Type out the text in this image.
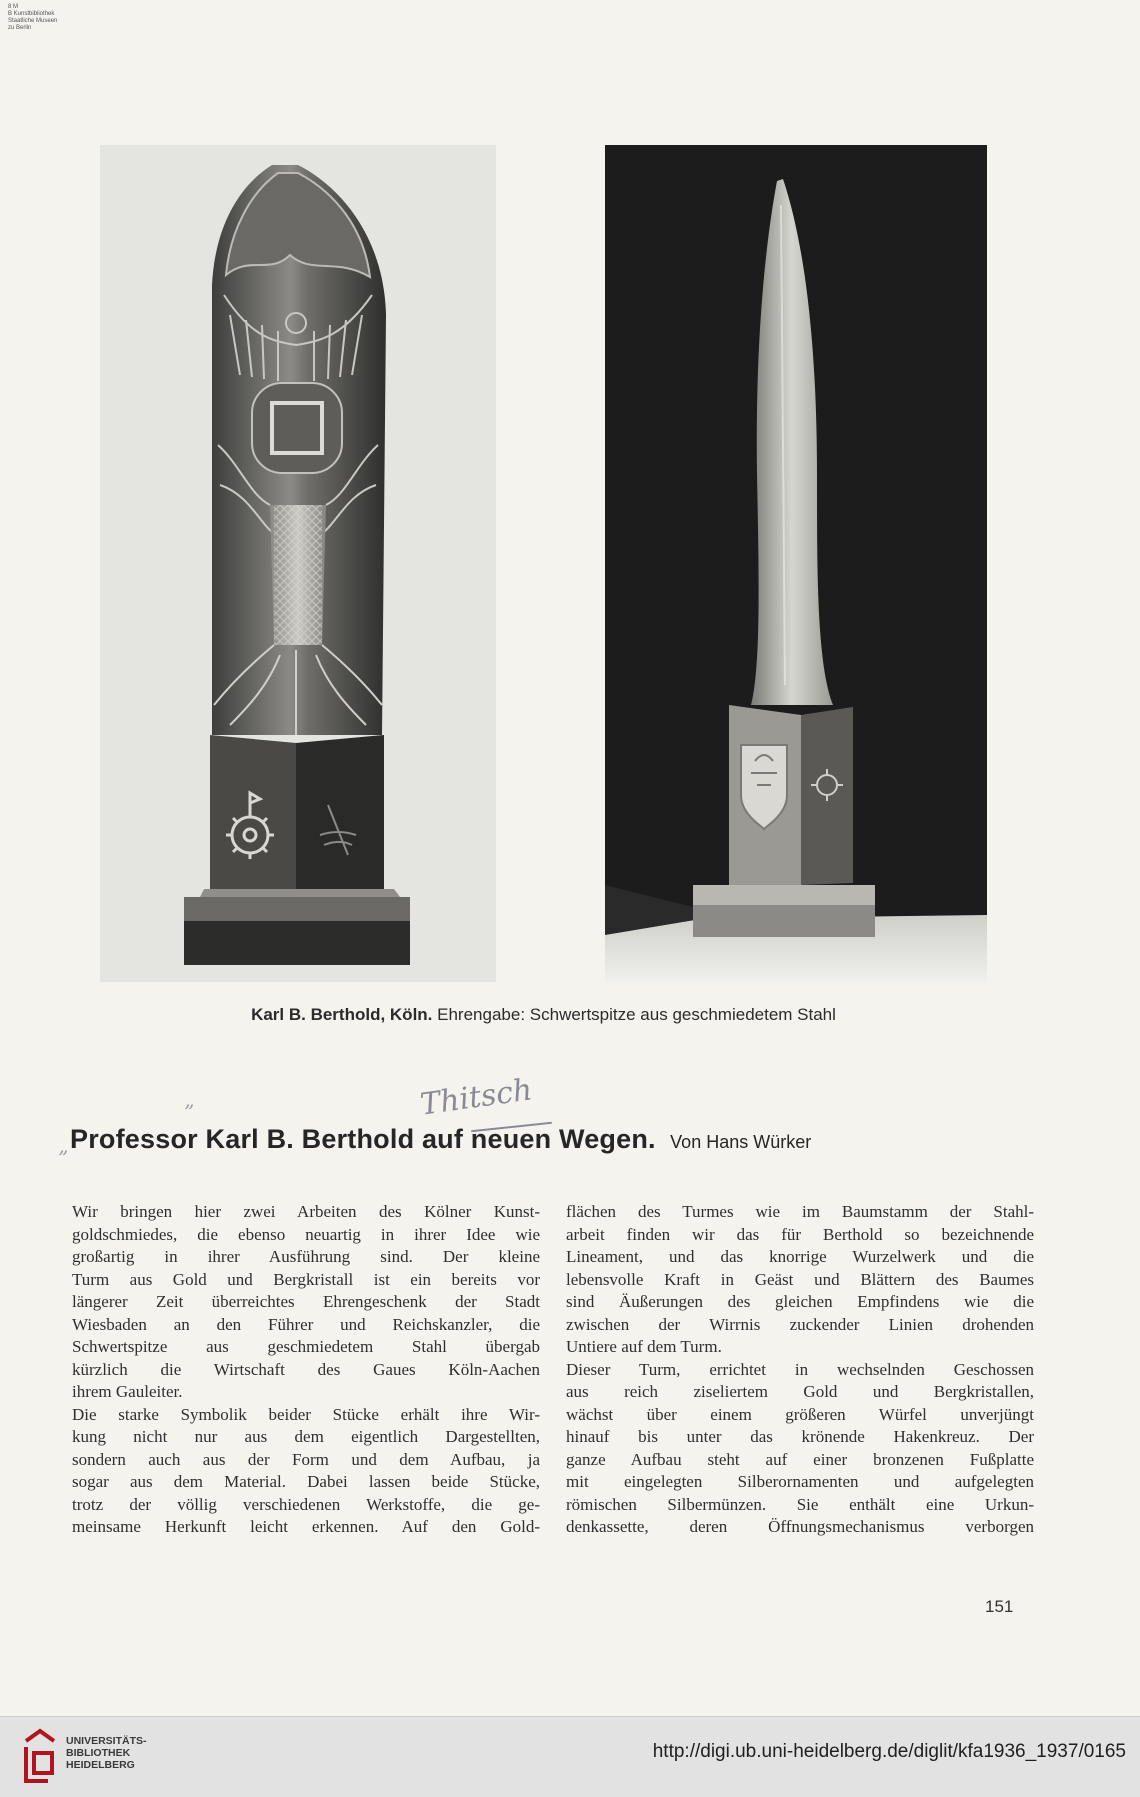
8 M
B Kunstbibliothek
Staatliche Museen
zu Berlin
Karl B. Berthold, Köln. Ehrengabe: Schwertspitze aus geschmiedetem Stahl
Thitsch
”
”
Professor Karl B. Berthold auf neuen
Wegen. Von Hans Würker
Wir bringen hier zwei Arbeiten des Kölner Kunst-
goldschmiedes, die ebenso neuartig in ihrer Idee wie
großartig in ihrer Ausführung sind. Der kleine
Turm aus Gold und Bergkristall ist ein bereits vor
längerer Zeit überreichtes Ehrengeschenk der Stadt
Wiesbaden an den Führer und Reichskanzler, die
Schwertspitze aus geschmiedetem Stahl übergab
kürzlich die Wirtschaft des Gaues Köln-Aachen
ihrem Gauleiter.
Die starke Symbolik beider Stücke erhält ihre Wir-
kung nicht nur aus dem eigentlich Dargestellten,
sondern auch aus der Form und dem Aufbau, ja
sogar aus dem Material. Dabei lassen beide Stücke,
trotz der völlig verschiedenen Werkstoffe, die ge-
meinsame Herkunft leicht erkennen. Auf den Gold-
flächen des Turmes wie im Baumstamm der Stahl-
arbeit finden wir das für Berthold so bezeichnende
Lineament, und das knorrige Wurzelwerk und die
lebensvolle Kraft in Geäst und Blättern des Baumes
sind Äußerungen des gleichen Empfindens wie die
zwischen der Wirrnis zuckender Linien drohenden
Untiere auf dem Turm.
Dieser Turm, errichtet in wechselnden Geschossen
aus reich ziseliertem Gold und Bergkristallen,
wächst über einem größeren Würfel unverjüngt
hinauf bis unter das krönende Hakenkreuz. Der
ganze Aufbau steht auf einer bronzenen Fußplatte
mit eingelegten Silberornamenten und aufgelegten
römischen Silbermünzen. Sie enthält eine Urkun-
denkassette, deren Öffnungsmechanismus verborgen
151
UNIVERSITÄTS-
BIBLIOTHEK
HEIDELBERG
http://digi.ub.uni-heidelberg.de/diglit/kfa1936_1937/0165
